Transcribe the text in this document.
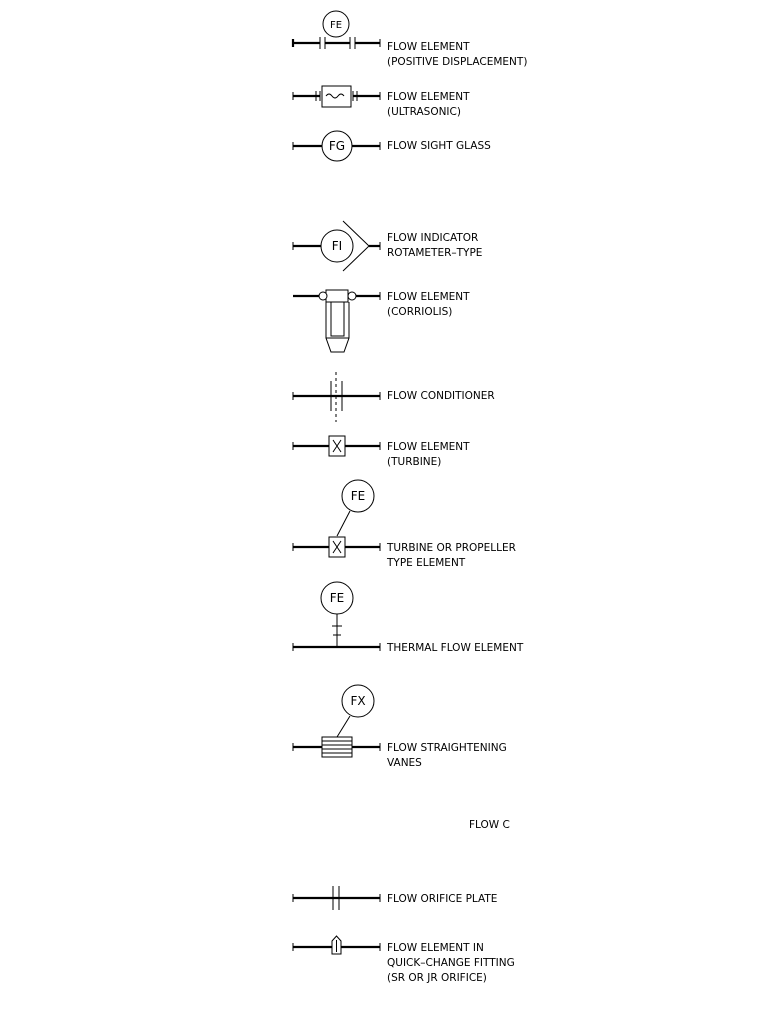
FE
FLOW ELEMENT
(POSITIVE DISPLACEMENT)
FLOW ELEMENT
(ULTRASONIC)
FG	FLOW SIGHT GLASS
FI
FLOW INDICATOR
ROTAMETER–TYPE
FLOW ELEMENT
(CORRIOLIS)
FLOW CONDITIONER
FLOW ELEMENT
(TURBINE)
FE
TURBINE OR PROPELLER
TYPE ELEMENT
FE
THERMAL FLOW ELEMENT
FX
FLOW STRAIGHTENING
VANES
FLOW C
FLOW ORIFICE PLATE
FLOW ELEMENT IN
QUICK–CHANGE FITTING
(SR OR JR ORIFICE)
